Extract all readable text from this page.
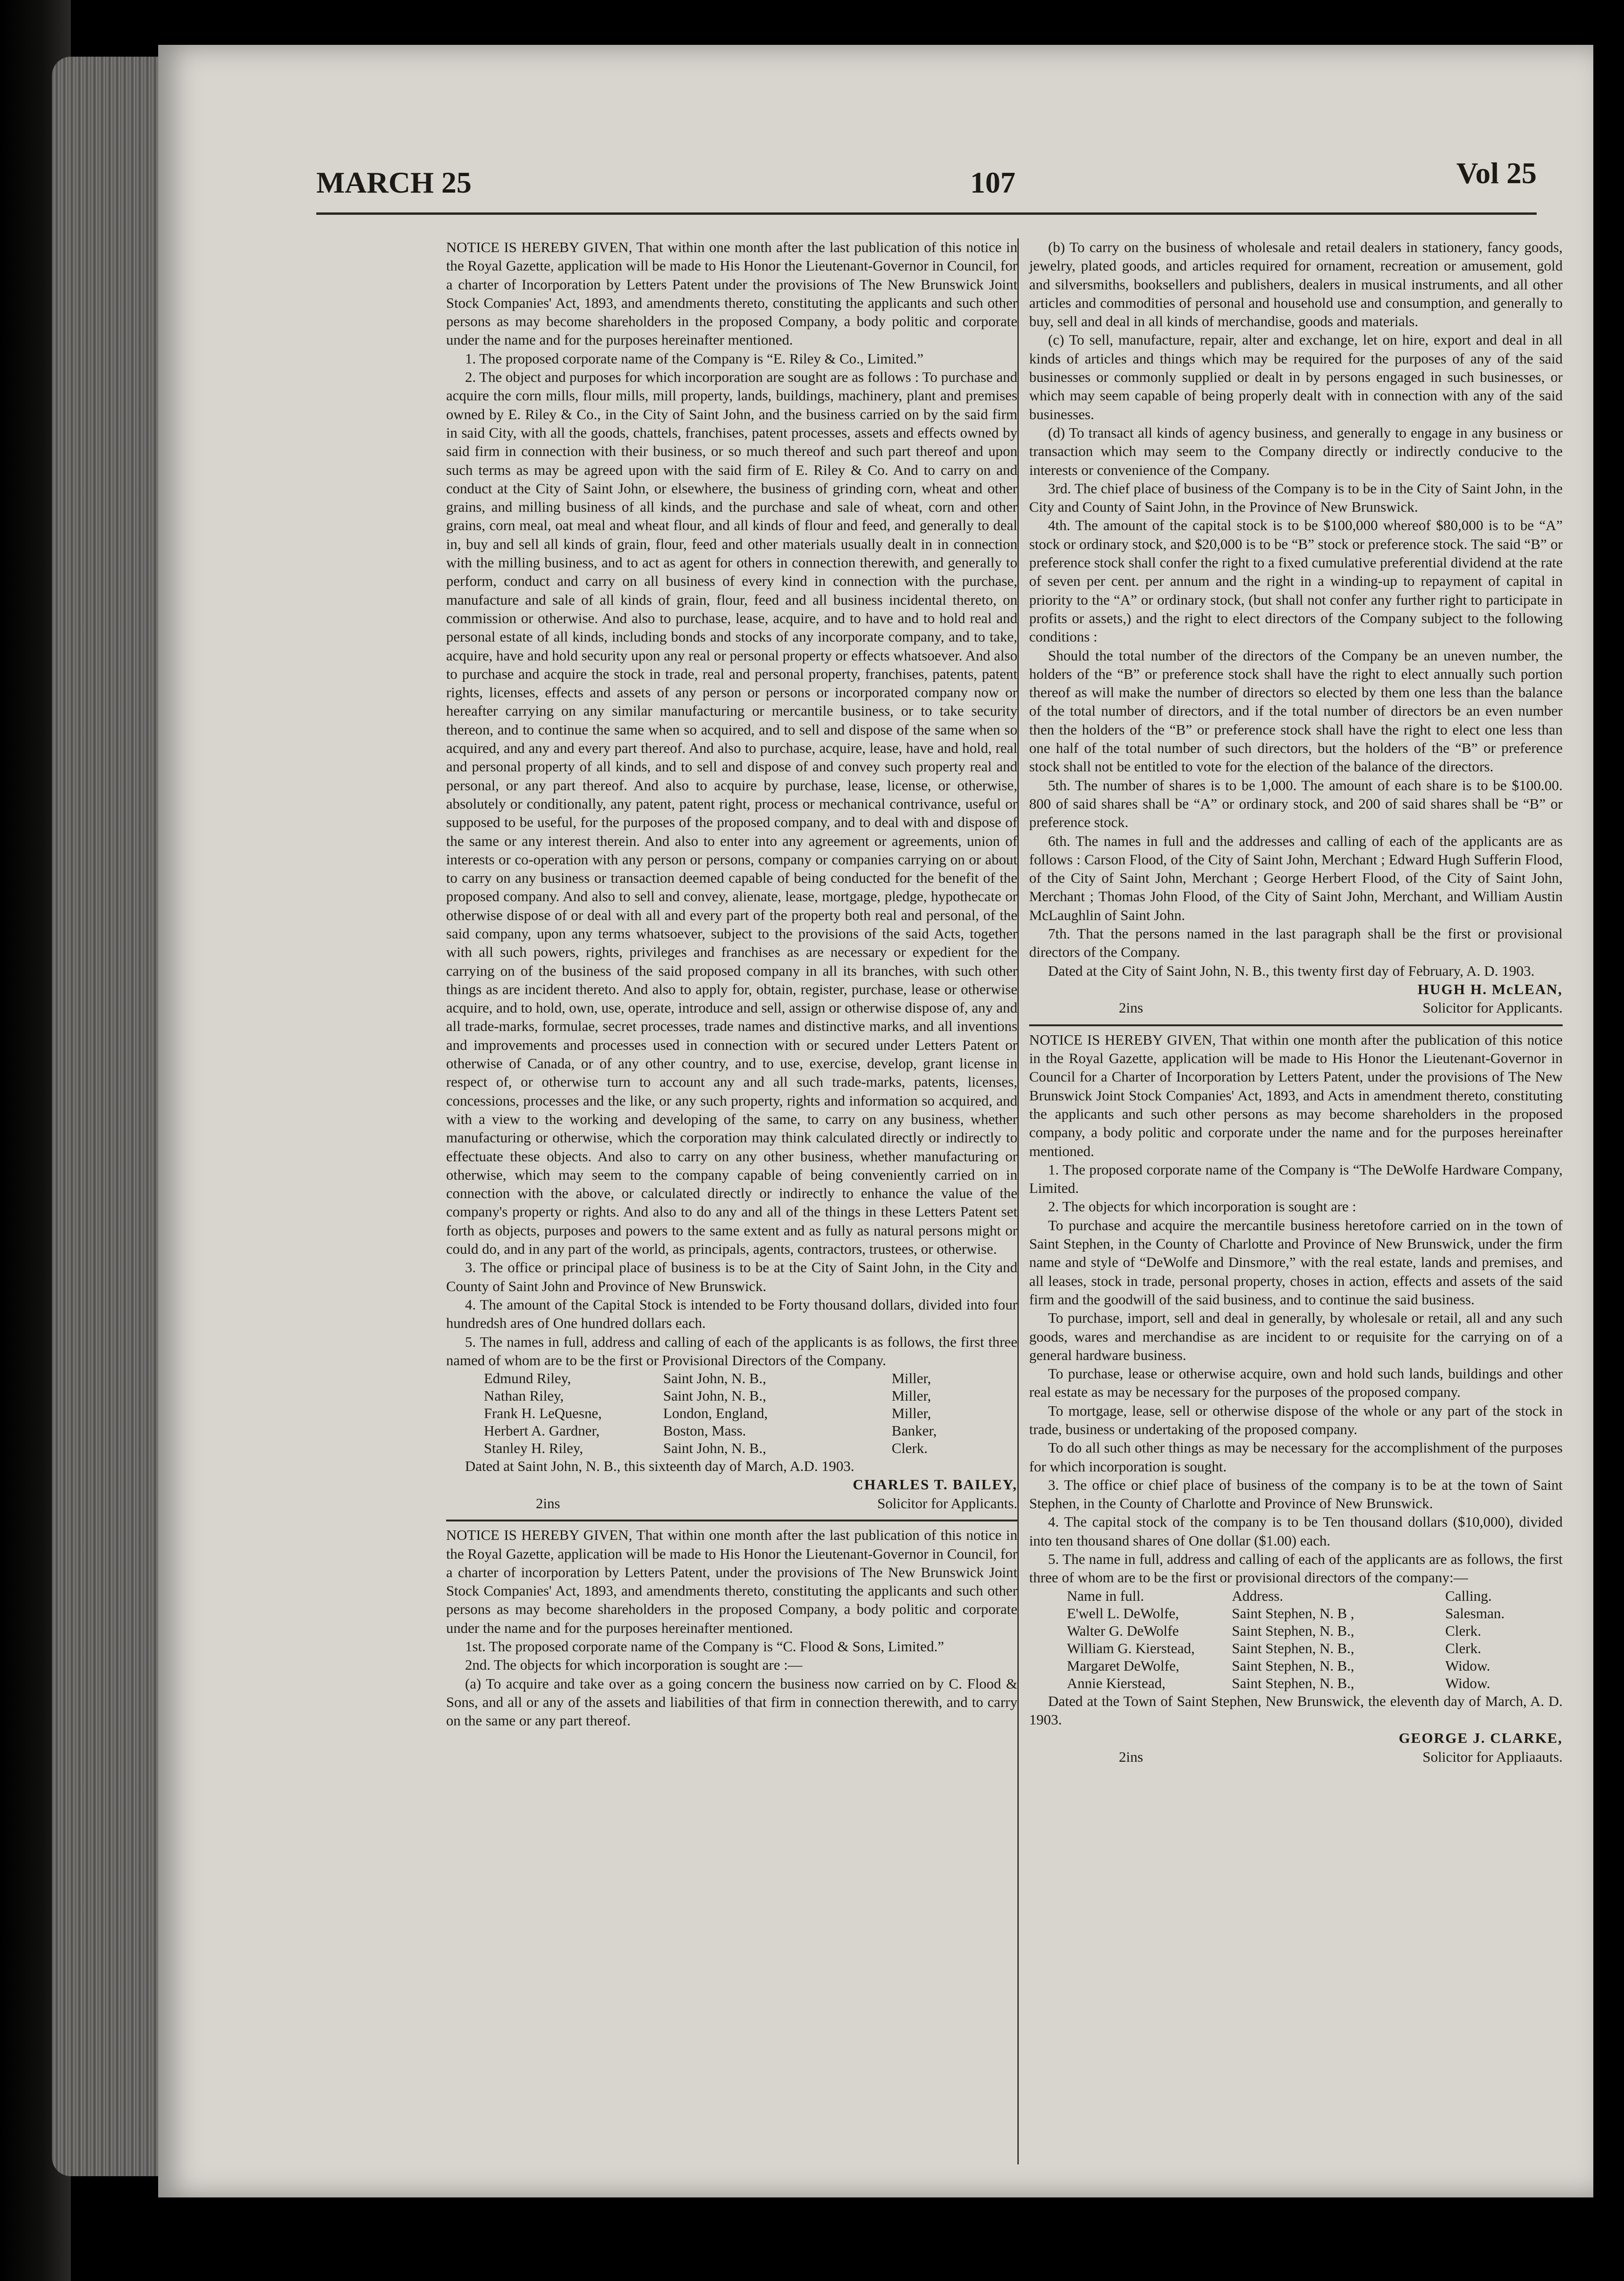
MARCH 25	107	Vol 25

NOTICE IS HEREBY GIVEN, That within one month after the last publication of this notice in the Royal Gazette, application will be made to His Honor the Lieutenant-Governor in Council, for a charter of Incorporation by Letters Patent under the provisions of The New Brunswick Joint Stock Companies' Act, 1893, and amendments thereto, constituting the applicants and such other persons as may become shareholders in the proposed Company, a body politic and corporate under the name and for the purposes hereinafter mentioned.

1. The proposed corporate name of the Company is “E. Riley & Co., Limited.”

2. The object and purposes for which incorporation are sought are as follows : To purchase and acquire the corn mills, flour mills, mill property, lands, buildings, machinery, plant and premises owned by E. Riley & Co., in the City of Saint John, and the business carried on by the said firm in said City, with all the goods, chattels, franchises, patent processes, assets and effects owned by said firm in connection with their business, or so much thereof and such part thereof and upon such terms as may be agreed upon with the said firm of E. Riley & Co. And to carry on and conduct at the City of Saint John, or elsewhere, the business of grinding corn, wheat and other grains, and milling business of all kinds, and the purchase and sale of wheat, corn and other grains, corn meal, oat meal and wheat flour, and all kinds of flour and feed, and generally to deal in, buy and sell all kinds of grain, flour, feed and other materials usually dealt in in connection with the milling business, and to act as agent for others in connection therewith, and generally to perform, conduct and carry on all business of every kind in connection with the purchase, manufacture and sale of all kinds of grain, flour, feed and all business incidental thereto, on commission or otherwise. And also to purchase, lease, acquire, and to have and to hold real and personal estate of all kinds, including bonds and stocks of any incorporate company, and to take, acquire, have and hold security upon any real or personal property or effects whatsoever. And also to purchase and acquire the stock in trade, real and personal property, franchises, patents, patent rights, licenses, effects and assets of any person or persons or incorporated company now or hereafter carrying on any similar manufacturing or mercantile business, or to take security thereon, and to continue the same when so acquired, and to sell and dispose of the same when so acquired, and any and every part thereof. And also to purchase, acquire, lease, have and hold, real and personal property of all kinds, and to sell and dispose of and convey such property real and personal, or any part thereof. And also to acquire by purchase, lease, license, or otherwise, absolutely or conditionally, any patent, patent right, process or mechanical contrivance, useful or supposed to be useful, for the purposes of the proposed company, and to deal with and dispose of the same or any interest therein. And also to enter into any agreement or agreements, union of interests or co-operation with any person or persons, company or companies carrying on or about to carry on any business or transaction deemed capable of being conducted for the benefit of the proposed company. And also to sell and convey, alienate, lease, mortgage, pledge, hypothecate or otherwise dispose of or deal with all and every part of the property both real and personal, of the said company, upon any terms whatsoever, subject to the provisions of the said Acts, together with all such powers, rights, privileges and franchises as are necessary or expedient for the carrying on of the business of the said proposed company in all its branches, with such other things as are incident thereto. And also to apply for, obtain, register, purchase, lease or otherwise acquire, and to hold, own, use, operate, introduce and sell, assign or otherwise dispose of, any and all trade-marks, formulae, secret processes, trade names and distinctive marks, and all inventions and improvements and processes used in connection with or secured under Letters Patent or otherwise of Canada, or of any other country, and to use, exercise, develop, grant license in respect of, or otherwise turn to account any and all such trade-marks, patents, licenses, concessions, processes and the like, or any such property, rights and information so acquired, and with a view to the working and developing of the same, to carry on any business, whether manufacturing or otherwise, which the corporation may think calculated directly or indirectly to effectuate these objects. And also to carry on any other business, whether manufacturing or otherwise, which may seem to the company capable of being conveniently carried on in connection with the above, or calculated directly or indirectly to enhance the value of the company's property or rights. And also to do any and all of the things in these Letters Patent set forth as objects, purposes and powers to the same extent and as fully as natural persons might or could do, and in any part of the world, as principals, agents, contractors, trustees, or otherwise.

3. The office or principal place of business is to be at the City of Saint John, in the City and County of Saint John and Province of New Brunswick.

4. The amount of the Capital Stock is intended to be Forty thousand dollars, divided into four hundredsh ares of One hundred dollars each.

5. The names in full, address and calling of each of the applicants is as follows, the first three named of whom are to be the first or Provisional Directors of the Company.

Edmund Riley,	Saint John, N. B.,	Miller,
Nathan Riley,	Saint John, N. B.,	Miller,
Frank H. LeQuesne,	London, England,	Miller,
Herbert A. Gardner,	Boston, Mass.	Banker,
Stanley H. Riley,	Saint John, N. B.,	Clerk.

Dated at Saint John, N. B., this sixteenth day of March, A.D. 1903.

CHARLES T. BAILEY,
Solicitor for Applicants.
2ins

NOTICE IS HEREBY GIVEN, That within one month after the last publication of this notice in the Royal Gazette, application will be made to His Honor the Lieutenant-Governor in Council, for a charter of incorporation by Letters Patent, under the provisions of The New Brunswick Joint Stock Companies' Act, 1893, and amendments thereto, constituting the applicants and such other persons as may become shareholders in the proposed Company, a body politic and corporate under the name and for the purposes hereinafter mentioned.

1st. The proposed corporate name of the Company is “C. Flood & Sons, Limited.”

2nd. The objects for which incorporation is sought are :—

(a) To acquire and take over as a going concern the business now carried on by C. Flood & Sons, and all or any of the assets and liabilities of that firm in connection therewith, and to carry on the same or any part thereof.

(b) To carry on the business of wholesale and retail dealers in stationery, fancy goods, jewelry, plated goods, and articles required for ornament, recreation or amusement, gold and silversmiths, booksellers and publishers, dealers in musical instruments, and all other articles and commodities of personal and household use and consumption, and generally to buy, sell and deal in all kinds of merchandise, goods and materials.

(c) To sell, manufacture, repair, alter and exchange, let on hire, export and deal in all kinds of articles and things which may be required for the purposes of any of the said businesses or commonly supplied or dealt in by persons engaged in such businesses, or which may seem capable of being properly dealt with in connection with any of the said businesses.

(d) To transact all kinds of agency business, and generally to engage in any business or transaction which may seem to the Company directly or indirectly conducive to the interests or convenience of the Company.

3rd. The chief place of business of the Company is to be in the City of Saint John, in the City and County of Saint John, in the Province of New Brunswick.

4th. The amount of the capital stock is to be $100,000 whereof $80,000 is to be “A” stock or ordinary stock, and $20,000 is to be “B” stock or preference stock. The said “B” or preference stock shall confer the right to a fixed cumulative preferential dividend at the rate of seven per cent. per annum and the right in a winding-up to repayment of capital in priority to the “A” or ordinary stock, (but shall not confer any further right to participate in profits or assets,) and the right to elect directors of the Company subject to the following conditions :

Should the total number of the directors of the Company be an uneven number, the holders of the “B” or preference stock shall have the right to elect annually such portion thereof as will make the number of directors so elected by them one less than the balance of the total number of directors, and if the total number of directors be an even number then the holders of the “B” or preference stock shall have the right to elect one less than one half of the total number of such directors, but the holders of the “B” or preference stock shall not be entitled to vote for the election of the balance of the directors.

5th. The number of shares is to be 1,000. The amount of each share is to be $100.00. 800 of said shares shall be “A” or ordinary stock, and 200 of said shares shall be “B” or preference stock.

6th. The names in full and the addresses and calling of each of the applicants are as follows : Carson Flood, of the City of Saint John, Merchant ; Edward Hugh Sufferin Flood, of the City of Saint John, Merchant ; George Herbert Flood, of the City of Saint John, Merchant ; Thomas John Flood, of the City of Saint John, Merchant, and William Austin McLaughlin of Saint John.

7th. That the persons named in the last paragraph shall be the first or provisional directors of the Company.

Dated at the City of Saint John, N. B., this twenty first day of February, A. D. 1903.

HUGH H. McLEAN,
Solicitor for Applicants.
2ins

NOTICE IS HEREBY GIVEN, That within one month after the publication of this notice in the Royal Gazette, application will be made to His Honor the Lieutenant-Governor in Council for a Charter of Incorporation by Letters Patent, under the provisions of The New Brunswick Joint Stock Companies' Act, 1893, and Acts in amendment thereto, constituting the applicants and such other persons as may become shareholders in the proposed company, a body politic and corporate under the name and for the purposes hereinafter mentioned.

1. The proposed corporate name of the Company is “The DeWolfe Hardware Company, Limited.

2. The objects for which incorporation is sought are :

To purchase and acquire the mercantile business heretofore carried on in the town of Saint Stephen, in the County of Charlotte and Province of New Brunswick, under the firm name and style of “DeWolfe and Dinsmore,” with the real estate, lands and premises, and all leases, stock in trade, personal property, choses in action, effects and assets of the said firm and the goodwill of the said business, and to continue the said business.

To purchase, import, sell and deal in generally, by wholesale or retail, all and any such goods, wares and merchandise as are incident to or requisite for the carrying on of a general hardware business.

To purchase, lease or otherwise acquire, own and hold such lands, buildings and other real estate as may be necessary for the purposes of the proposed company.

To mortgage, lease, sell or otherwise dispose of the whole or any part of the stock in trade, business or undertaking of the proposed company.

To do all such other things as may be necessary for the accomplishment of the purposes for which incorporation is sought.

3. The office or chief place of business of the company is to be at the town of Saint Stephen, in the County of Charlotte and Province of New Brunswick.

4. The capital stock of the company is to be Ten thousand dollars ($10,000), divided into ten thousand shares of One dollar ($1.00) each.

5. The name in full, address and calling of each of the applicants are as follows, the first three of whom are to be the first or provisional directors of the company:—

Name in full.	Address.	Calling.
E'well L. DeWolfe,	Saint Stephen, N. B ,	Salesman.
Walter G. DeWolfe	Saint Stephen, N. B.,	Clerk.
William G. Kierstead,	Saint Stephen, N. B.,	Clerk.
Margaret DeWolfe,	Saint Stephen, N. B.,	Widow.
Annie Kierstead,	Saint Stephen, N. B.,	Widow.

Dated at the Town of Saint Stephen, New Brunswick, the eleventh day of March, A. D. 1903.

GEORGE J. CLARKE,
Solicitor for Appliaauts.
2ins
